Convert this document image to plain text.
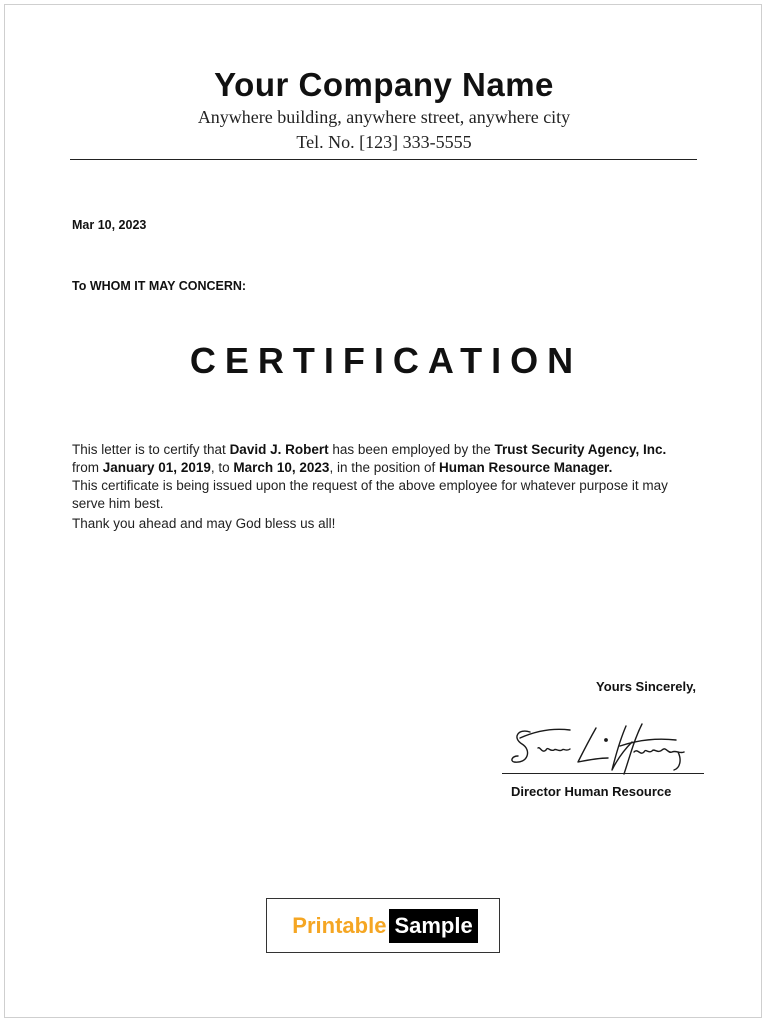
Your Company Name
Anywhere building, anywhere street, anywhere city
Tel. No. [123] 333-5555
Mar 10, 2023
To WHOM IT MAY CONCERN:
CERTIFICATION

This letter is to certify that David J. Robert has been employed by the Trust Security Agency, Inc. from January 01, 2019, to March 10, 2023, in the position of Human Resource Manager.

This certificate is being issued upon the request of the above employee for whatever purpose it may serve him best.

Thank you ahead and may God bless us all!

Yours Sincerely,
Director Human Resource
Printable Sample
